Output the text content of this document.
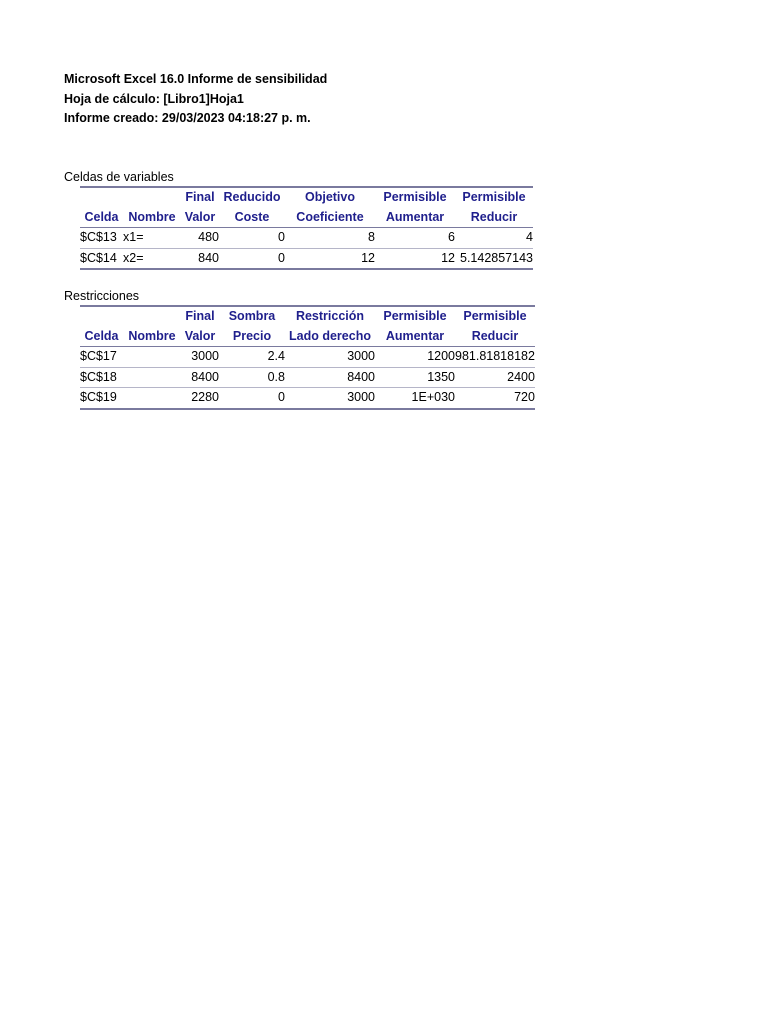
Microsoft Excel 16.0 Informe de sensibilidad
Hoja de cálculo: [Libro1]Hoja1
Informe creado: 29/03/2023 04:18:27 p. m.
Celdas de variables
		Final	Reducido	Objetivo	Permisible	Permisible
Celda	Nombre	Valor	Coste	Coeficiente	Aumentar	Reducir
$C$13	x1=	480	0	8	6	4
$C$14	x2=	840	0	12	12	5.142857143
Restricciones
		Final	Sombra	Restricción	Permisible	Permisible
Celda	Nombre	Valor	Precio	Lado derecho	Aumentar	Reducir
$C$17		3000	2.4	3000	1200	981.81818182
$C$18		8400	0.8	8400	1350	2400
$C$19		2280	0	3000	1E+030	720
